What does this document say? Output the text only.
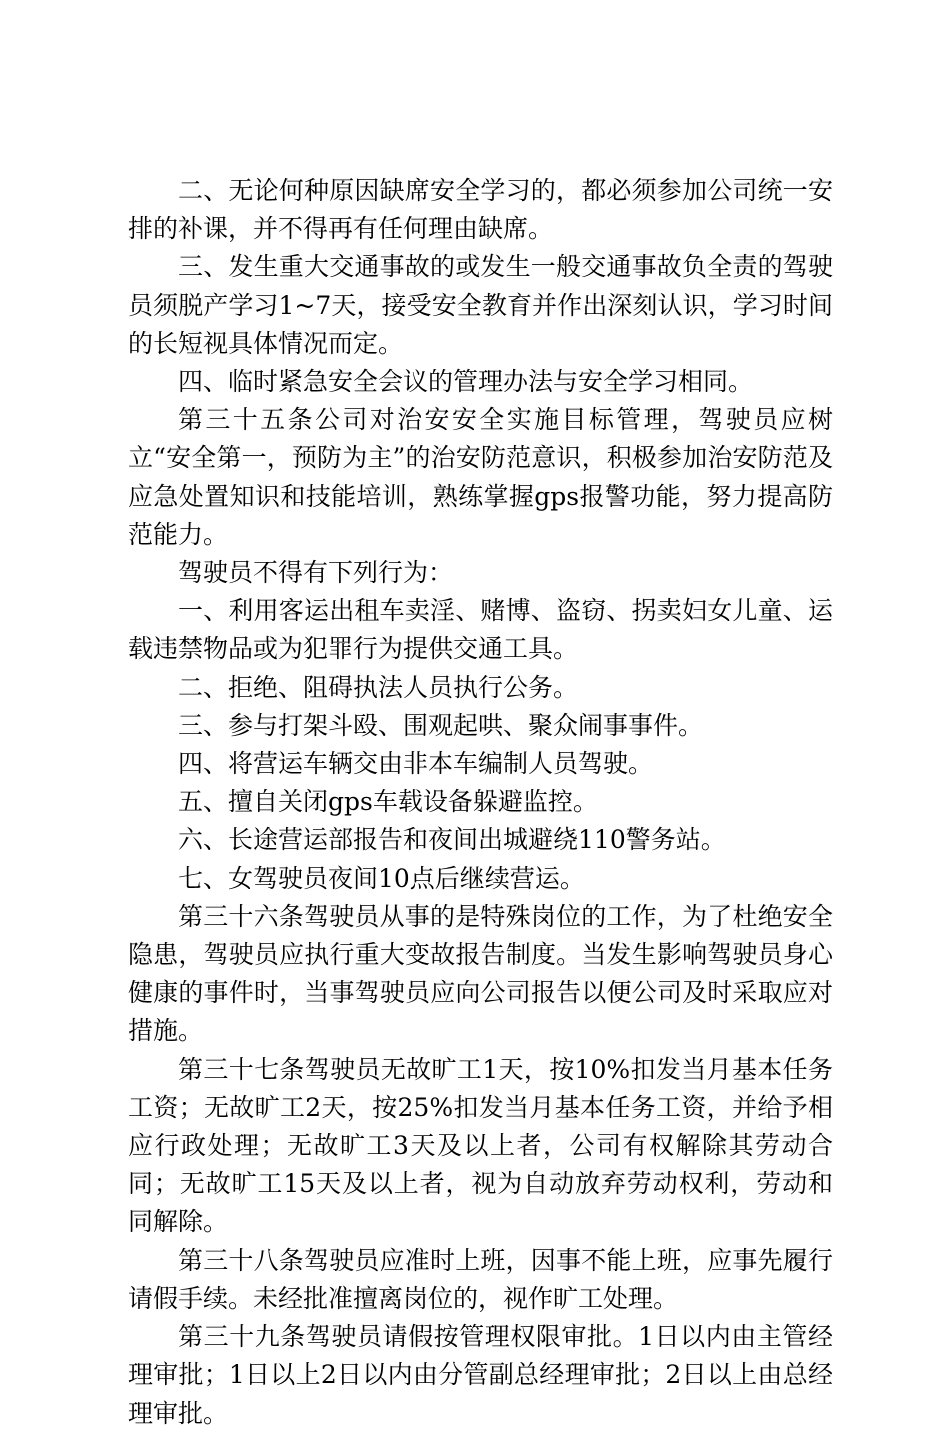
二、无论何种原因缺席安全学习的，都必须参加公司统一安排的补课，并不得再有任何理由缺席。

三、发生重大交通事故的或发生一般交通事故负全责的驾驶员须脱产学习1~7天，接受安全教育并作出深刻认识，学习时间的长短视具体情况而定。

四、临时紧急安全会议的管理办法与安全学习相同。

第三十五条公司对治安安全实施目标管理，驾驶员应树立“安全第一，预防为主”的治安防范意识，积极参加治安防范及应急处置知识和技能培训，熟练掌握gps报警功能，努力提高防范能力。

驾驶员不得有下列行为：

一、利用客运出租车卖淫、赌博、盗窃、拐卖妇女儿童、运载违禁物品或为犯罪行为提供交通工具。

二、拒绝、阻碍执法人员执行公务。

三、参与打架斗殴、围观起哄、聚众闹事事件。

四、将营运车辆交由非本车编制人员驾驶。

五、擅自关闭gps车载设备躲避监控。

六、长途营运部报告和夜间出城避绕110警务站。

七、女驾驶员夜间10点后继续营运。

第三十六条驾驶员从事的是特殊岗位的工作，为了杜绝安全隐患，驾驶员应执行重大变故报告制度。当发生影响驾驶员身心健康的事件时，当事驾驶员应向公司报告以便公司及时采取应对措施。

第三十七条驾驶员无故旷工1天，按10%扣发当月基本任务工资；无故旷工2天，按25%扣发当月基本任务工资，并给予相应行政处理；无故旷工3天及以上者，公司有权解除其劳动合同；无故旷工15天及以上者，视为自动放弃劳动权利，劳动和同解除。

第三十八条驾驶员应准时上班，因事不能上班，应事先履行请假手续。未经批准擅离岗位的，视作旷工处理。

第三十九条驾驶员请假按管理权限审批。1日以内由主管经理审批；1日以上2日以内由分管副总经理审批；2日以上由总经理审批。
